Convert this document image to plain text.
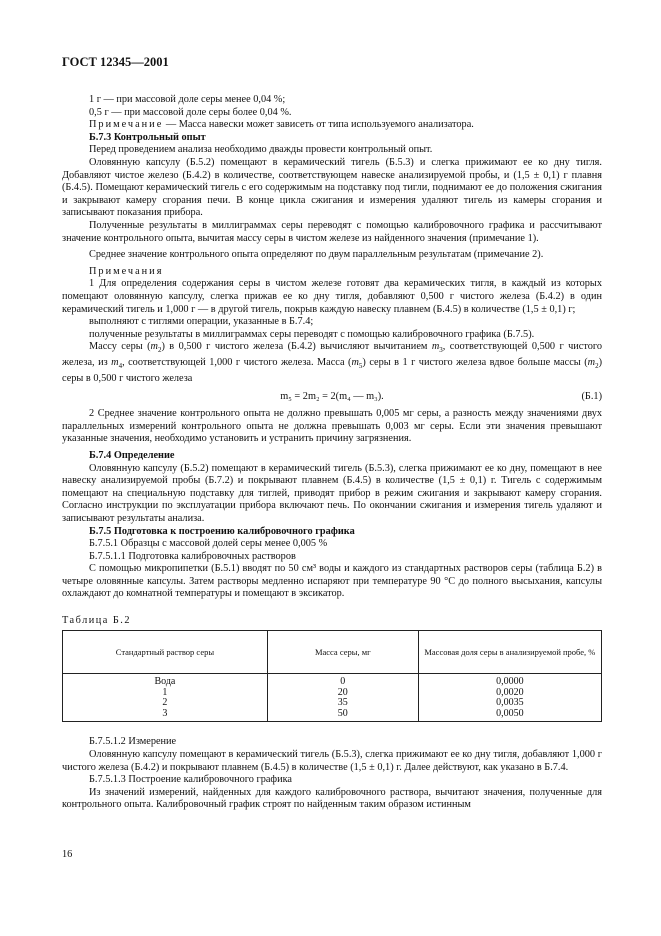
ГОСТ 12345—2001

1 г — при массовой доле серы менее 0,04 %;

0,5 г — при массовой доле серы более 0,04 %.

Примечание — Масса навески может зависеть от типа используемого анализатора.

Б.7.3 Контрольный опыт

Перед проведением анализа необходимо дважды провести контрольный опыт.

Оловянную капсулу (Б.5.2) помещают в керамический тигель (Б.5.3) и слегка прижимают ее ко дну тигля. Добавляют чистое железо (Б.4.2) в количестве, соответствующем навеске анализируемой пробы, и (1,5 ± 0,1) г плавня (Б.4.5). Помещают керамический тигель с его содержимым на подставку под тигли, поднимают ее до положения сжигания и закрывают камеру сгорания печи. В конце цикла сжигания и измерения удаляют тигель из камеры сгорания и записывают показания прибора.

Полученные результаты в миллиграммах серы переводят с помощью калибровочного графика и рассчитывают значение контрольного опыта, вычитая массу серы в чистом железе из найденного значения (примечание 1).

Среднее значение контрольного опыта определяют по двум параллельным результатам (примечание 2).

Примечания

1 Для определения содержания серы в чистом железе готовят два керамических тигля, в каждый из которых помещают оловянную капсулу, слегка прижав ее ко дну тигля, добавляют 0,500 г чистого железа (Б.4.2) в один керамический тигель и 1,000 г — в другой тигель, покрыв каждую навеску плавнем (Б.4.5) в количестве (1,5 ± 0,1) г;

выполняют с тиглями операции, указанные в Б.7.4;

полученные результаты в миллиграммах серы переводят с помощью калибровочного графика (Б.7.5).

Массу серы $(m_2)$ в 0,500 г чистого железа (Б.4.2) вычисляют вычитанием $m_3$, соответствующей 0,500 г чистого железа, из $m_4$, соответствующей 1,000 г чистого железа. Масса $(m_5)$ серы в 1 г чистого железа вдвое больше массы $(m_2)$ серы в 0,500 г чистого железа

m₅ = 2m₂ = 2(m₄ — m₃).	(Б.1)

2 Среднее значение контрольного опыта не должно превышать 0,005 мг серы, а разность между значениями двух параллельных измерений контрольного опыта не должна превышать 0,003 мг серы. Если эти значения превышают указанные значения, необходимо установить и устранить причину загрязнения.

Б.7.4 Определение

Оловянную капсулу (Б.5.2) помещают в керамический тигель (Б.5.3), слегка прижимают ее ко дну, помещают в нее навеску анализируемой пробы (Б.7.2) и покрывают плавнем (Б.4.5) в количестве (1,5 ± 0,1) г. Тигель с содержимым помещают на специальную подставку для тиглей, приводят прибор в режим сжигания и закрывают камеру сгорания. Согласно инструкции по эксплуатации прибора включают печь. По окончании сжигания и измерения тигель удаляют и записывают результаты анализа.

Б.7.5 Подготовка к построению калибровочного графика

Б.7.5.1 Образцы с массовой долей серы менее 0,005 %

Б.7.5.1.1 Подготовка калибровочных растворов

С помощью микропипетки (Б.5.1) вводят по 50 см³ воды и каждого из стандартных растворов серы (таблица Б.2) в четыре оловянные капсулы. Затем растворы медленно испаряют при температуре 90 °С до полного высыхания, капсулы охлаждают до комнатной температуры и помещают в эксикатор.

Таблица Б.2
Стандартный раствор серы	Масса серы, мг	Массовая доля серы в анализируемой пробе, %
Вода	0	0,0000
1	20	0,0020
2	35	0,0035
3	50	0,0050

Б.7.5.1.2 Измерение

Оловянную капсулу помещают в керамический тигель (Б.5.3), слегка прижимают ее ко дну тигля, добавляют 1,000 г чистого железа (Б.4.2) и покрывают плавнем (Б.4.5) в количестве (1,5 ± 0,1) г. Далее действуют, как указано в Б.7.4.

Б.7.5.1.3 Построение калибровочного графика

Из значений измерений, найденных для каждого калибровочного раствора, вычитают значения, полученные для контрольного опыта. Калибровочный график строят по найденным таким образом истинным

16
